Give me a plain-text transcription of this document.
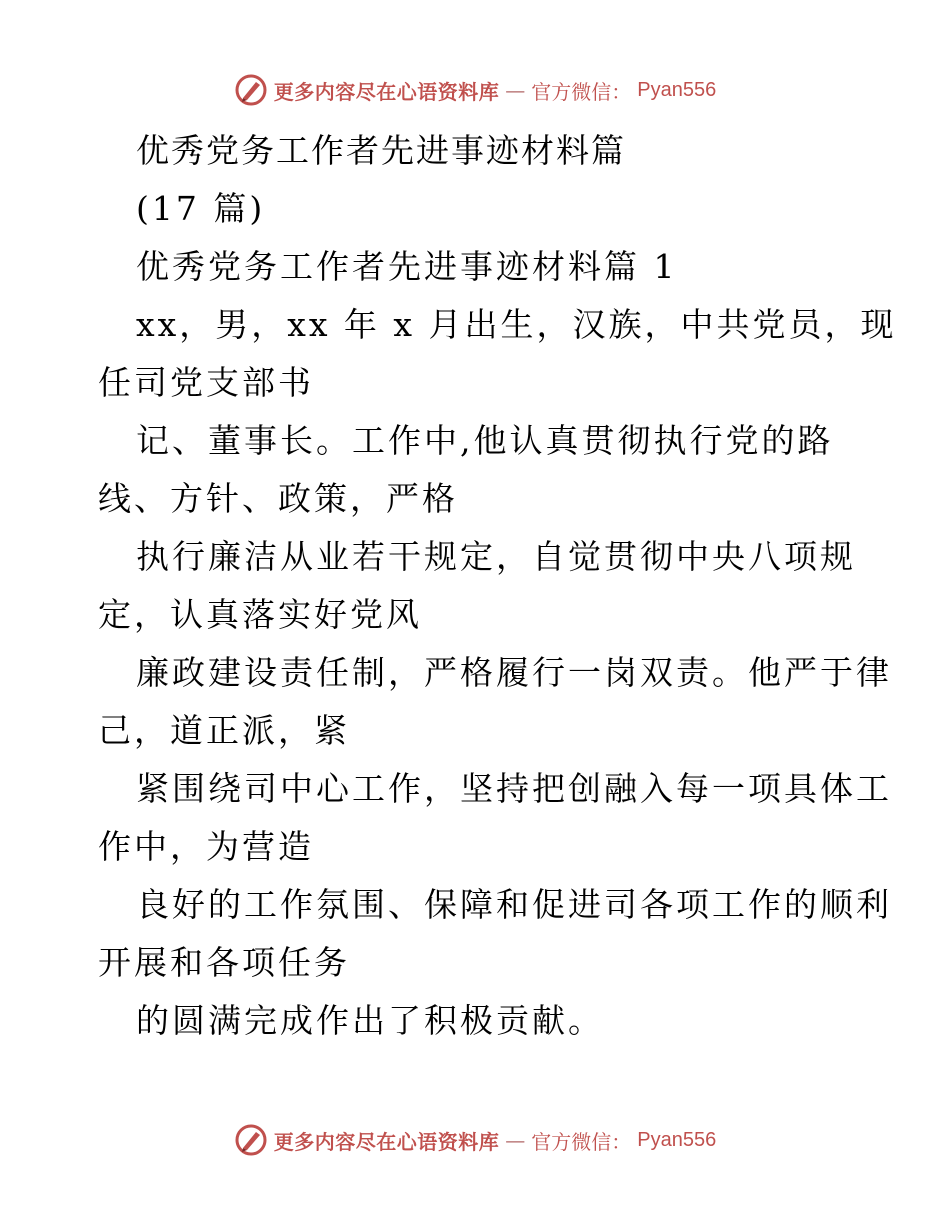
更多内容尽在心语资料库 — 官方微信： Pyan556
优秀党务工作者先进事迹材料篇
(17 篇)
优秀党务工作者先进事迹材料篇 1
xx，男，xx 年 x 月出生，汉族，中共党员，现
任司党支部书
记、董事长。工作中,他认真贯彻执行党的路
线、方针、政策，严格
执行廉洁从业若干规定，自觉贯彻中央八项规
定，认真落实好党风
廉政建设责任制，严格履行一岗双责。他严于律
己，道正派，紧
紧围绕司中心工作，坚持把创融入每一项具体工
作中，为营造
良好的工作氛围、保障和促进司各项工作的顺利
开展和各项任务
的圆满完成作出了积极贡献。
更多内容尽在心语资料库 — 官方微信： Pyan556
